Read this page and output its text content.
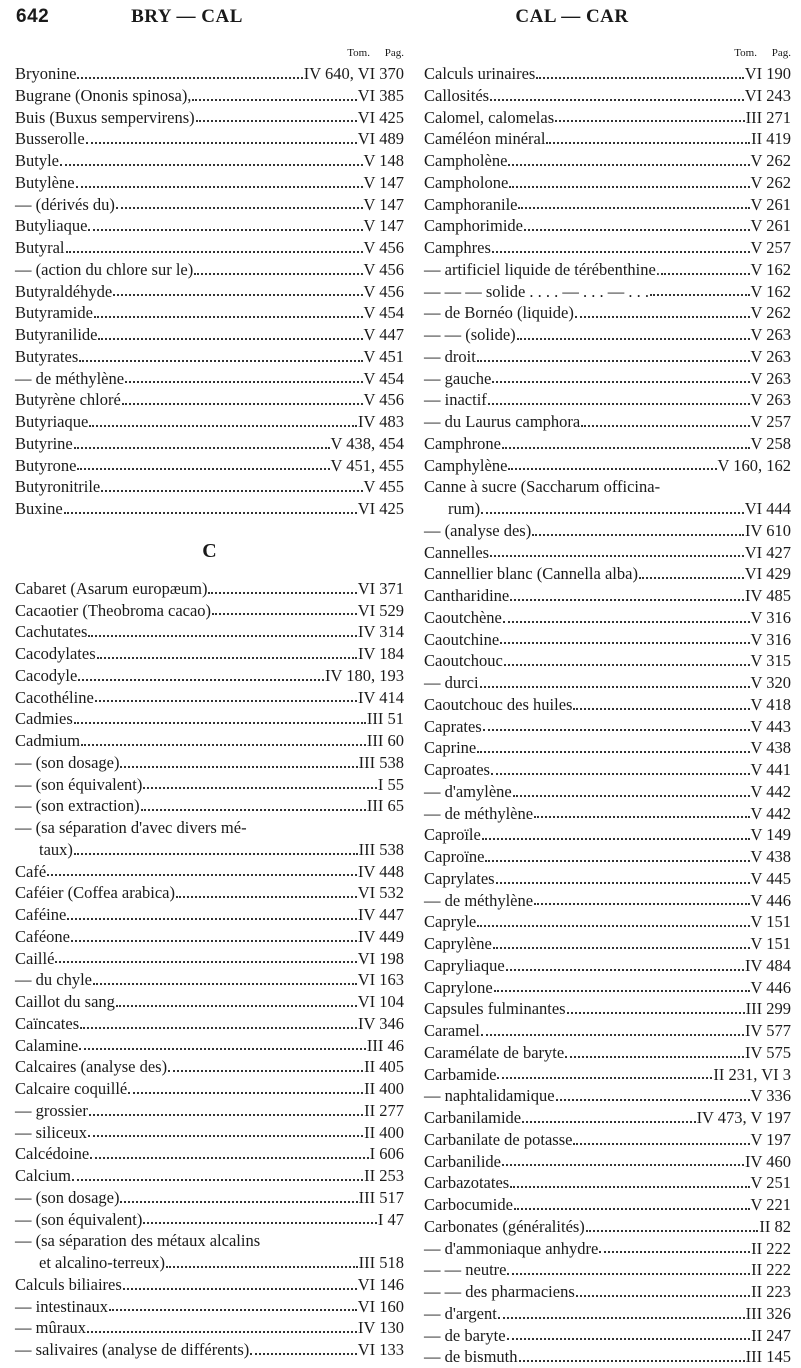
642	BRY — CAL	CAL — CAR
Tom. Pag.
Bryonine	IV 640, VI 370
Bugrane (Ononis spinosa),	VI 385
Buis (Buxus sempervirens)	VI 425
Busserolle	VI 489
Butyle	V 148
Butylène	V 147
— (dérivés du)	V 147
Butyliaque	V 147
Butyral	V 456
— (action du chlore sur le)	V 456
Butyraldéhyde	V 456
Butyramide	V 454
Butyranilide	V 447
Butyrates	V 451
— de méthylène	V 454
Butyrène chloré	V 456
Butyriaque	IV 483
Butyrine	V 438, 454
Butyrone	V 451, 455
Butyronitrile	V 455
Buxine	VI 425
C
Cabaret (Asarum europæum)	VI 371
Cacaotier (Theobroma cacao)	VI 529
Cachutates	IV 314
Cacodylates	IV 184
Cacodyle	IV 180, 193
Cacothéline	IV 414
Cadmies	III 51
Cadmium	III 60
— (son dosage)	III 538
— (son équivalent)	I 55
— (son extraction)	III 65
— (sa séparation d'avec divers mé-
taux)	III 538
Café	IV 448
Caféier (Coffea arabica)	VI 532
Caféine	IV 447
Caféone	IV 449
Caillé	VI 198
— du chyle	VI 163
Caillot du sang	VI 104
Caïncates	IV 346
Calamine	III 46
Calcaires (analyse des)	II 405
Calcaire coquillé	II 400
— grossier	II 277
— siliceux	II 400
Calcédoine	I 606
Calcium	II 253
— (son dosage)	III 517
— (son équivalent)	I 47
— (sa séparation des métaux alcalins
et alcalino-terreux)	III 518
Calculs biliaires	VI 146
— intestinaux	VI 160
— mûraux	IV 130
— salivaires (analyse de différents)	VI 133
Tom. Pag.
Calculs urinaires	VI 190
Callosités	VI 243
Calomel, calomelas	III 271
Caméléon minéral	II 419
Campholène	V 262
Campholone	V 262
Camphoranile	V 261
Camphorimide	V 261
Camphres	V 257
— artificiel liquide de térébenthine.	V 162
— — — solide . . . . — . . . — . . .	V 162
— de Bornéo (liquide)	V 262
— — (solide)	V 263
— droit	V 263
— gauche	V 263
— inactif	V 263
— du Laurus camphora	V 257
Camphrone	V 258
Camphylène	V 160, 162
Canne à sucre (Saccharum officina-
rum)	VI 444
— (analyse des)	IV 610
Cannelles	VI 427
Cannellier blanc (Cannella alba)	VI 429
Cantharidine	IV 485
Caoutchène	V 316
Caoutchine	V 316
Caoutchouc	V 315
— durci	V 320
Caoutchouc des huiles	V 418
Caprates	V 443
Caprine	V 438
Caproates	V 441
— d'amylène	V 442
— de méthylène	V 442
Caproïle	V 149
Caproïne	V 438
Caprylates	V 445
— de méthylène	V 446
Capryle	V 151
Caprylène	V 151
Capryliaque	IV 484
Caprylone	V 446
Capsules fulminantes	III 299
Caramel	IV 577
Caramélate de baryte	IV 575
Carbamide	II 231, VI 3
— naphtalidamique	V 336
Carbanilamide	IV 473, V 197
Carbanilate de potasse	V 197
Carbanilide	IV 460
Carbazotates	V 251
Carbocumide	V 221
Carbonates (généralités)	II 82
— d'ammoniaque anhydre	II 222
— — neutre	II 222
— — des pharmaciens	II 223
— d'argent	III 326
— de baryte	II 247
— de bismuth	III 145
